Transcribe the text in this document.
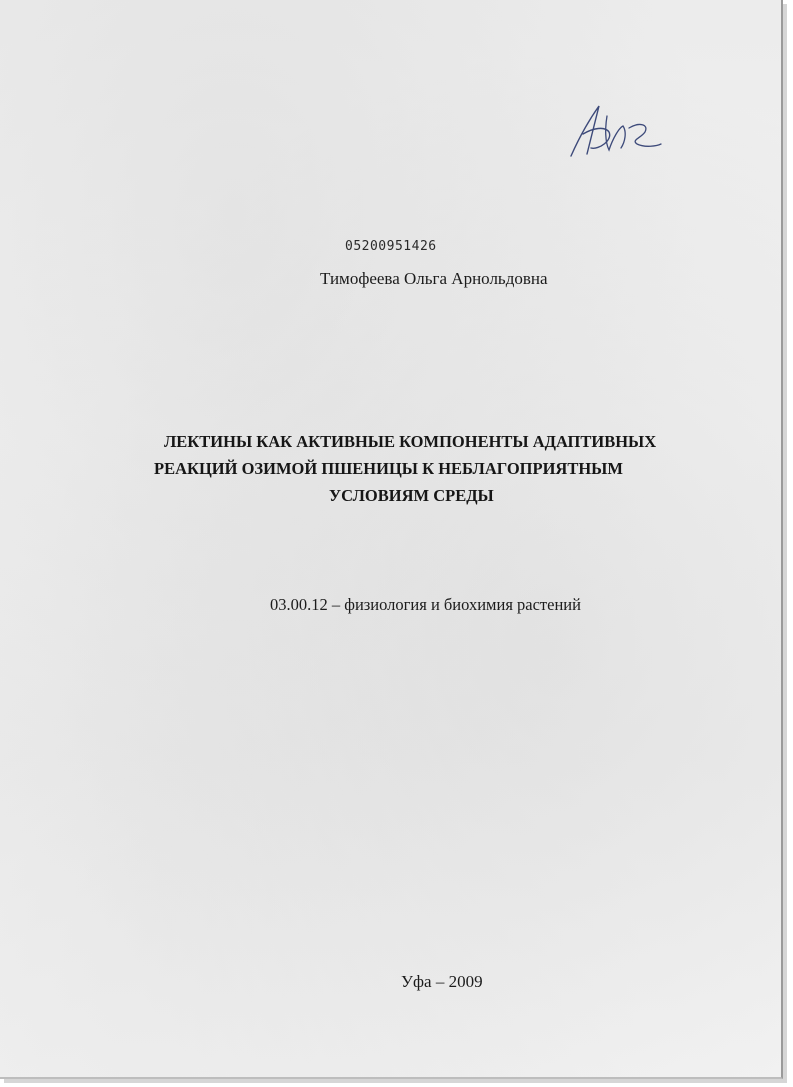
05200951426
Тимофеева Ольга Арнольдовна
ЛЕКТИНЫ КАК АКТИВНЫЕ КОМПОНЕНТЫ АДАПТИВНЫХ
РЕАКЦИЙ ОЗИМОЙ ПШЕНИЦЫ К НЕБЛАГОПРИЯТНЫМ
УСЛОВИЯМ СРЕДЫ
03.00.12 – физиология и биохимия растений
Уфа – 2009
